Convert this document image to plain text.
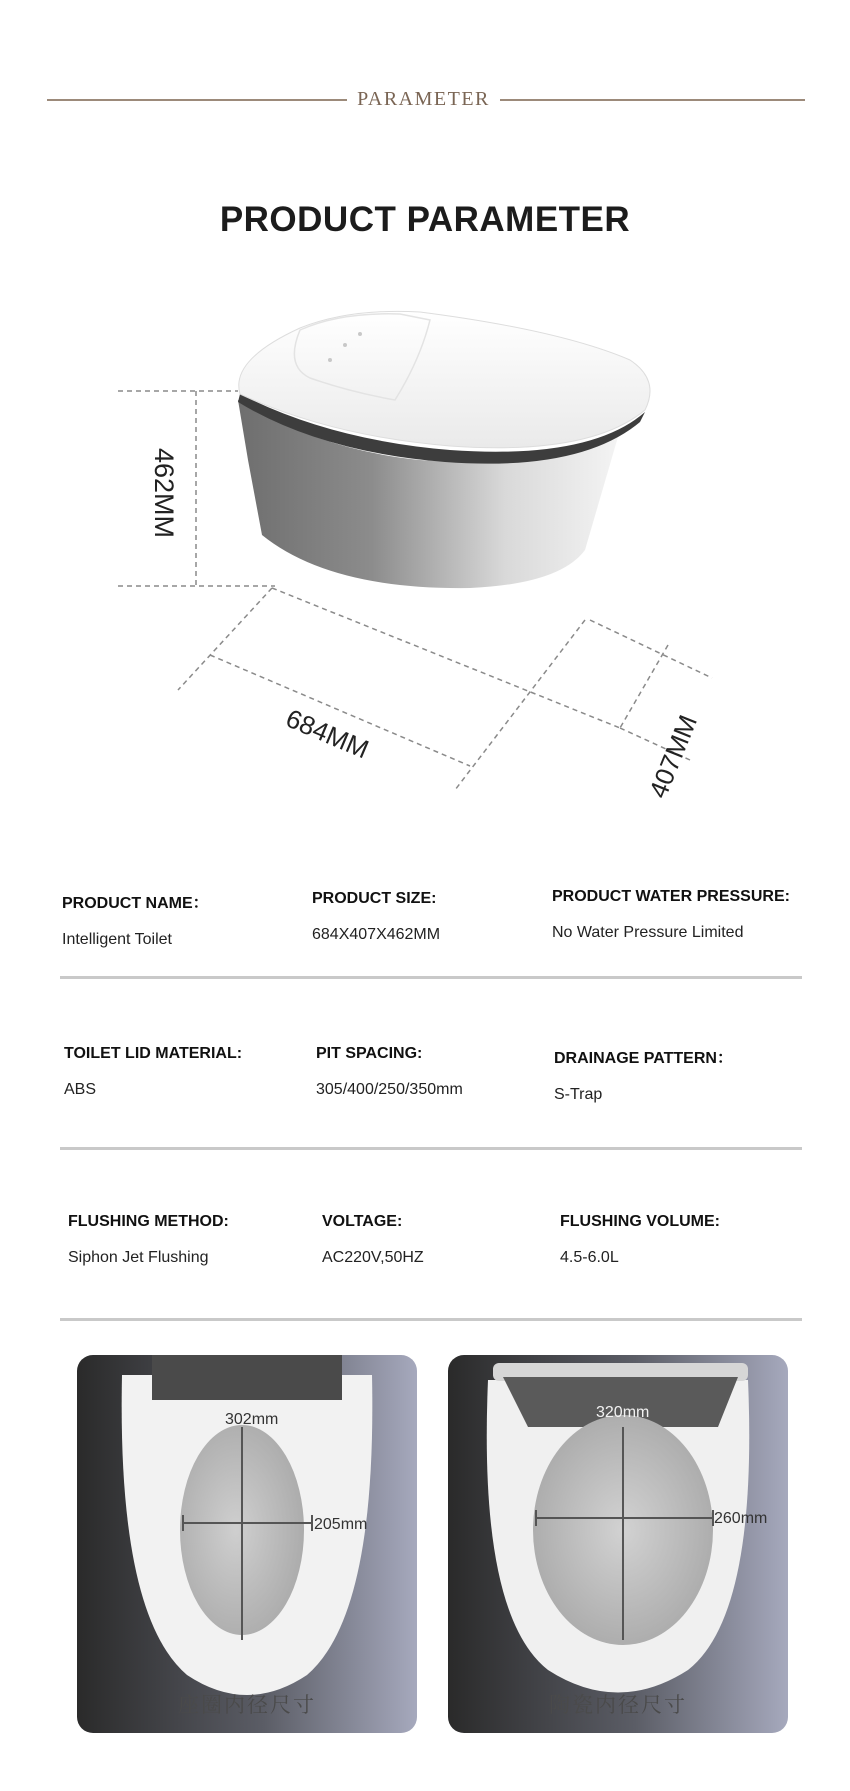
PARAMETER
PRODUCT PARAMETER
462MM
684MM	407MM
PRODUCT NAME：
Intelligent Toilet
PRODUCT SIZE:
684X407X462MM
PRODUCT WATER PRESSURE:
No Water Pressure Limited
TOILET LID MATERIAL:
ABS
PIT SPACING:
305/400/250/350mm
DRAINAGE PATTERN：
S-Trap
FLUSHING METHOD:
Siphon Jet Flushing
VOLTAGE:
AC220V,50HZ
FLUSHING VOLUME:
4.5-6.0L
302mm
205mm
座圈内径尺寸
320mm
260mm
陶瓷内径尺寸
